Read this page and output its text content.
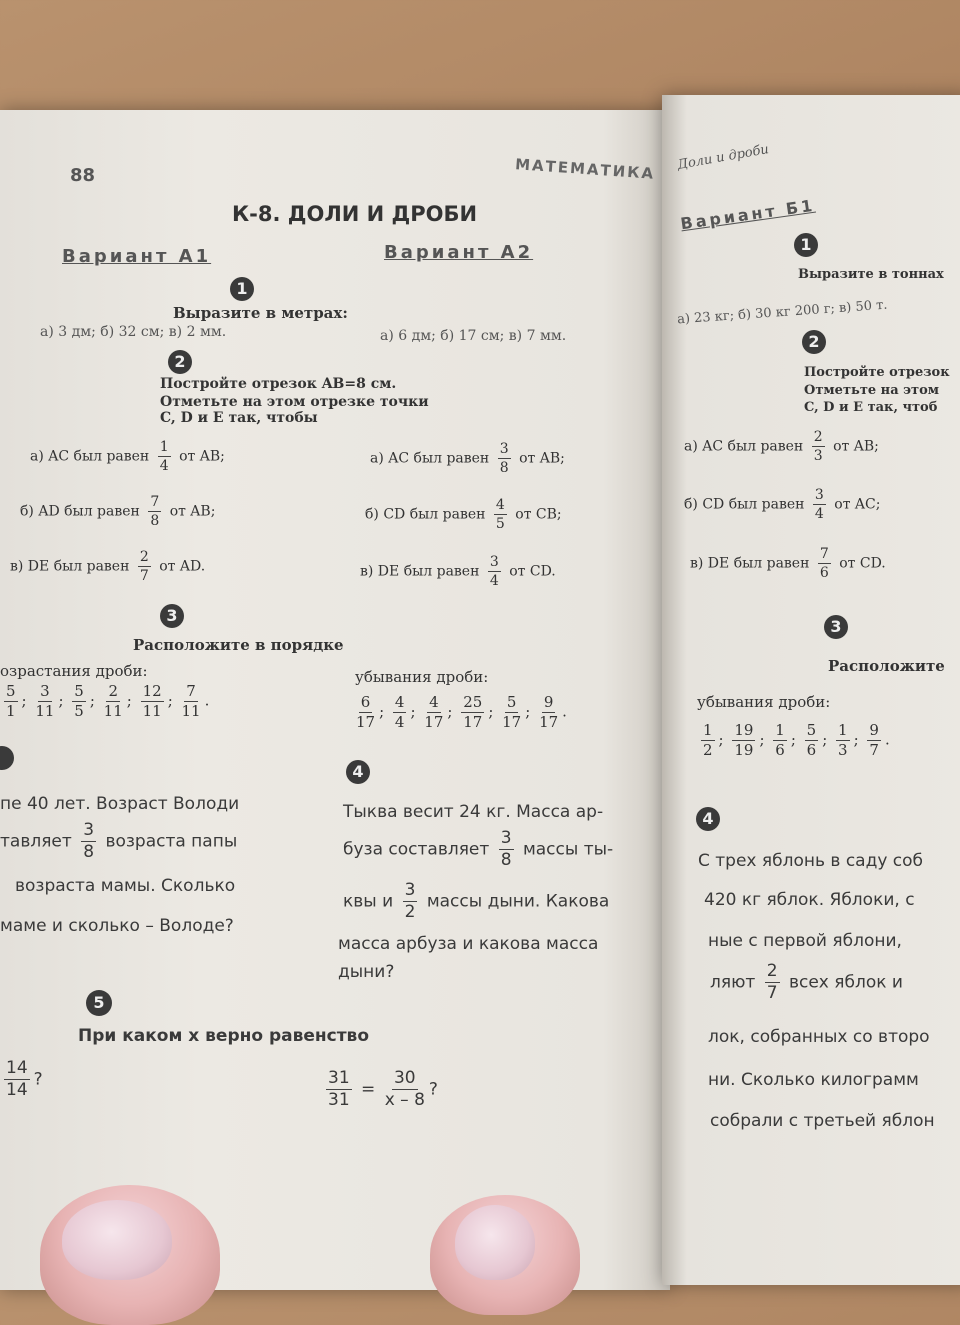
88	МАТЕМАТИКА
К-8. ДОЛИ И ДРОБИ
Вариант А1	Вариант А2
1
Выразите в метрах:
а) 3 дм; б) 32 см; в) 2 мм.	а) 6 дм; б) 17 см; в) 7 мм.
2
Постройте отрезок AB=8 см.
Отметьте на этом отрезке точки
C, D и E так, чтобы
а) AC был равен $\frac{1}{4}$ от AB;
б) AD был равен $\frac{7}{8}$ от AB;
в) DE был равен $\frac{2}{7}$ от AD.
а) AC был равен $\frac{3}{8}$ от AB;
б) CD был равен $\frac{4}{5}$ от CB;
в) DE был равен $\frac{3}{4}$ от CD.
3
Расположите в порядке
озрастания дроби:
$\frac{5}{1}$ ; $\frac{3}{11}$ ; $\frac{5}{5}$ ; $\frac{2}{11}$ ; $\frac{12}{11}$ ; $\frac{7}{11}$ .
убывания дроби:
$\frac{6}{17}$ ; $\frac{4}{4}$ ; $\frac{4}{17}$ ; $\frac{25}{17}$ ; $\frac{5}{17}$ ; $\frac{9}{17}$ .
пе 40 лет. Возраст Володи
тавляет $\frac{3}{8}$ возраста папы
возраста мамы. Сколько
маме и сколько – Володе?
4
Тыква весит 24 кг. Масса ар-
буза составляет $\frac{3}{8}$ массы ты-
квы и $\frac{3}{2}$ массы дыни. Какова
масса арбуза и какова масса
дыни?
5
При каком x верно равенство
$\frac{14}{14}$ ?	$\frac{31}{31} = \frac{30}{x - 8}$ ?
Доли и дроби
Вариант Б1
1
Выразите в тоннах
а) 23 кг; б) 30 кг 200 г; в) 50 т.
2
Постройте отрезок
Отметьте на этом
C, D и E так, чтоб
а) AC был равен $\frac{2}{3}$ от AB;
б) CD был равен $\frac{3}{4}$ от AC;
в) DE был равен $\frac{7}{6}$ от CD.
3
Расположите
убывания дроби:
$\frac{1}{2}$ ; $\frac{19}{19}$ ; $\frac{1}{6}$ ; $\frac{5}{6}$ ; $\frac{1}{3}$ ; $\frac{9}{7}$ .
4
С трех яблонь в саду соб
420 кг яблок. Яблоки, с
ные с первой яблони,
ляют $\frac{2}{7}$ всех яблок и
лок, собранных со второ
ни. Сколько килограмм
собрали с третьей яблон
